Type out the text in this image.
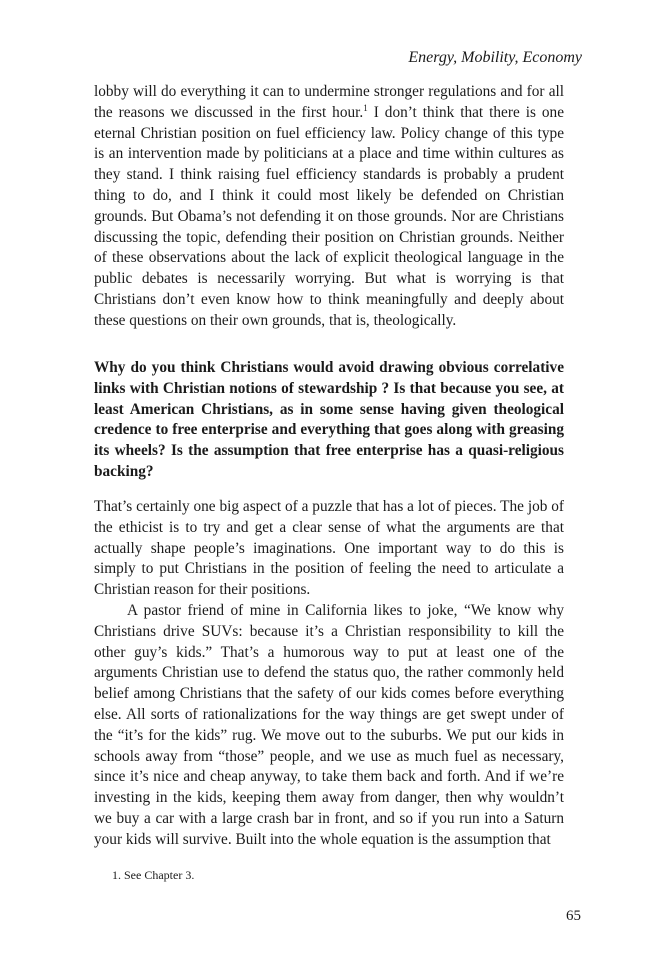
Energy, Mobility, Economy

lobby will do everything it can to undermine stronger regulations and for all the reasons we discussed in the first hour.$^1$ I don’t think that there is one eternal Christian position on fuel efficiency law. Policy change of this type is an intervention made by politicians at a place and time within cultures as they stand. I think raising fuel efficiency standards is probably a prudent thing to do, and I think it could most likely be defended on Christian grounds. But Obama’s not defending it on those grounds. Nor are Christians discussing the topic, defending their position on Christian grounds. Neither of these observations about the lack of explicit theological language in the public debates is necessarily worrying. But what is worrying is that Christians don’t even know how to think meaningfully and deeply about these questions on their own grounds, that is, theologically.

Why do you think Christians would avoid drawing obvious correlative links with Christian notions of stewardship ? Is that because you see, at least American Christians, as in some sense having given theological credence to free enterprise and everything that goes along with greasing its wheels? Is the assumption that free enterprise has a quasi-religious backing?

That’s certainly one big aspect of a puzzle that has a lot of pieces. The job of the ethicist is to try and get a clear sense of what the arguments are that actually shape people’s imaginations. One important way to do this is simply to put Christians in the position of feeling the need to articulate a Christian reason for their positions.

A pastor friend of mine in California likes to joke, “We know why Christians drive SUVs: because it’s a Christian responsibility to kill the other guy’s kids.” That’s a humorous way to put at least one of the arguments Christian use to defend the status quo, the rather commonly held belief among Christians that the safety of our kids comes before everything else. All sorts of rationalizations for the way things are get swept under of the “it’s for the kids” rug. We move out to the suburbs. We put our kids in schools away from “those” people, and we use as much fuel as necessary, since it’s nice and cheap anyway, to take them back and forth. And if we’re investing in the kids, keeping them away from danger, then why wouldn’t we buy a car with a large crash bar in front, and so if you run into a Saturn your kids will survive. Built into the whole equation is the assumption that

1. See Chapter 3.

65
